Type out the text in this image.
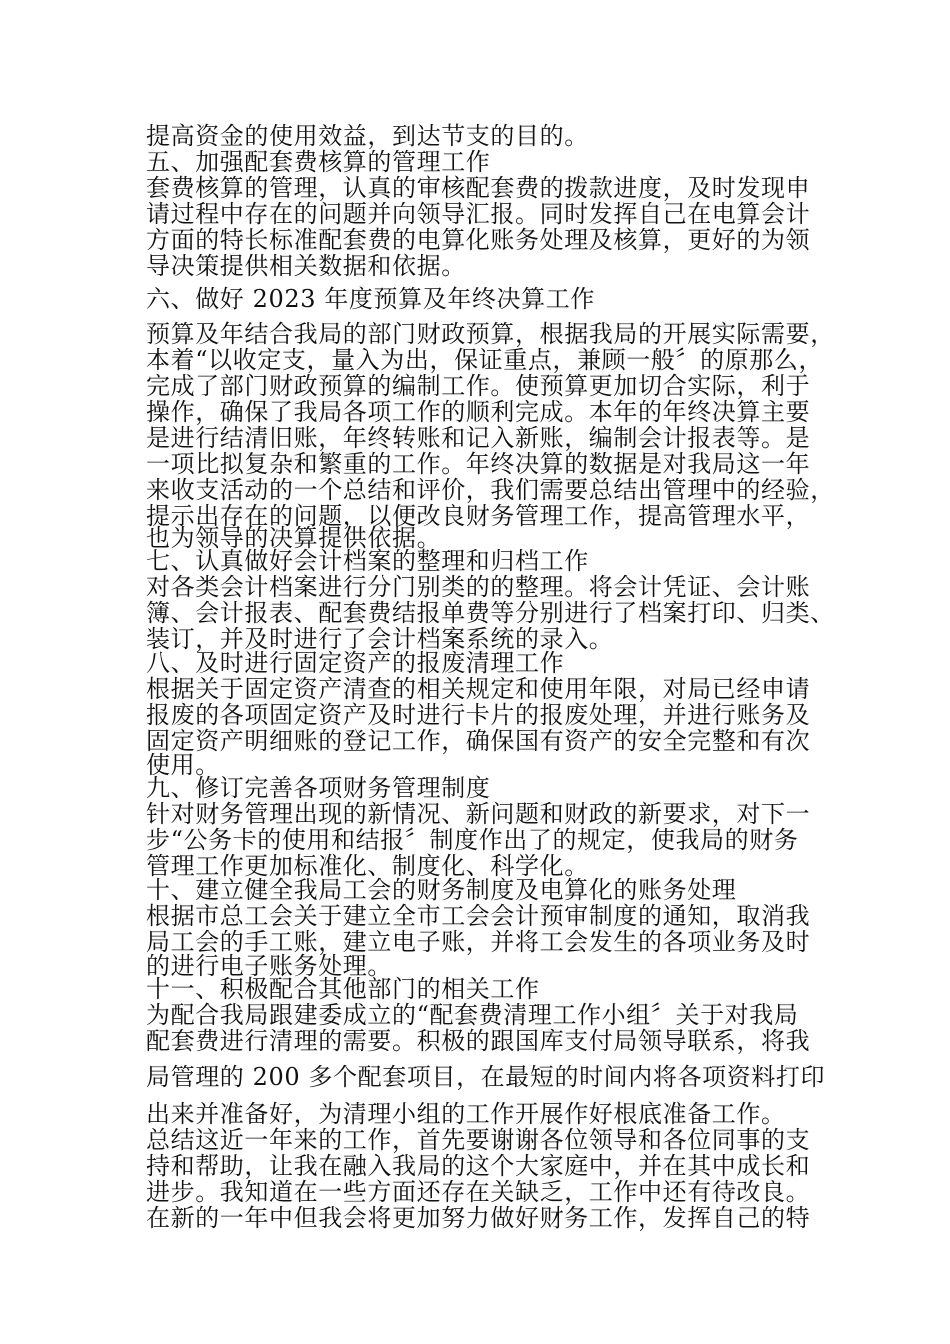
提高资金的使用效益，到达节支的目的。
五、加强配套费核算的管理工作
套费核算的管理，认真的审核配套费的拨款进度，及时发现申
请过程中存在的问题并向领导汇报。同时发挥自己在电算会计
方面的特长标准配套费的电算化账务处理及核算，更好的为领
导决策提供相关数据和依据。
六、做好 2023 年度预算及年终决算工作
预算及年结合我局的部门财政预算，根据我局的开展实际需要，
本着“以收定支，量入为出，保证重点，兼顾一般〞的原那么，
完成了部门财政预算的编制工作。使预算更加切合实际，利于
操作，确保了我局各项工作的顺利完成。本年的年终决算主要
是进行结清旧账，年终转账和记入新账，编制会计报表等。是
一项比拟复杂和繁重的工作。年终决算的数据是对我局这一年
来收支活动的一个总结和评价，我们需要总结出管理中的经验，
提示出存在的问题，以便改良财务管理工作，提高管理水平，
也为领导的决算提供依据。
七、认真做好会计档案的整理和归档工作
对各类会计档案进行分门别类的的整理。将会计凭证、会计账
簿、会计报表、配套费结报单费等分别进行了档案打印、归类、
装订，并及时进行了会计档案系统的录入。
八、及时进行固定资产的报废清理工作
根据关于固定资产清查的相关规定和使用年限，对局已经申请
报废的各项固定资产及时进行卡片的报废处理，并进行账务及
固定资产明细账的登记工作，确保国有资产的安全完整和有次
使用。
九、修订完善各项财务管理制度
针对财务管理出现的新情况、新问题和财政的新要求，对下一
步“公务卡的使用和结报〞制度作出了的规定，使我局的财务
管理工作更加标准化、制度化、科学化。
十、建立健全我局工会的财务制度及电算化的账务处理
根据市总工会关于建立全市工会会计预审制度的通知，取消我
局工会的手工账，建立电子账，并将工会发生的各项业务及时
的进行电子账务处理。
十一、积极配合其他部门的相关工作
为配合我局跟建委成立的“配套费清理工作小组〞关于对我局
配套费进行清理的需要。积极的跟国库支付局领导联系，将我
局管理的 200 多个配套项目，在最短的时间内将各项资料打印
出来并准备好，为清理小组的工作开展作好根底准备工作。
总结这近一年来的工作，首先要谢谢各位领导和各位同事的支
持和帮助，让我在融入我局的这个大家庭中，并在其中成长和
进步。我知道在一些方面还存在关缺乏，工作中还有待改良。
在新的一年中但我会将更加努力做好财务工作，发挥自己的特
